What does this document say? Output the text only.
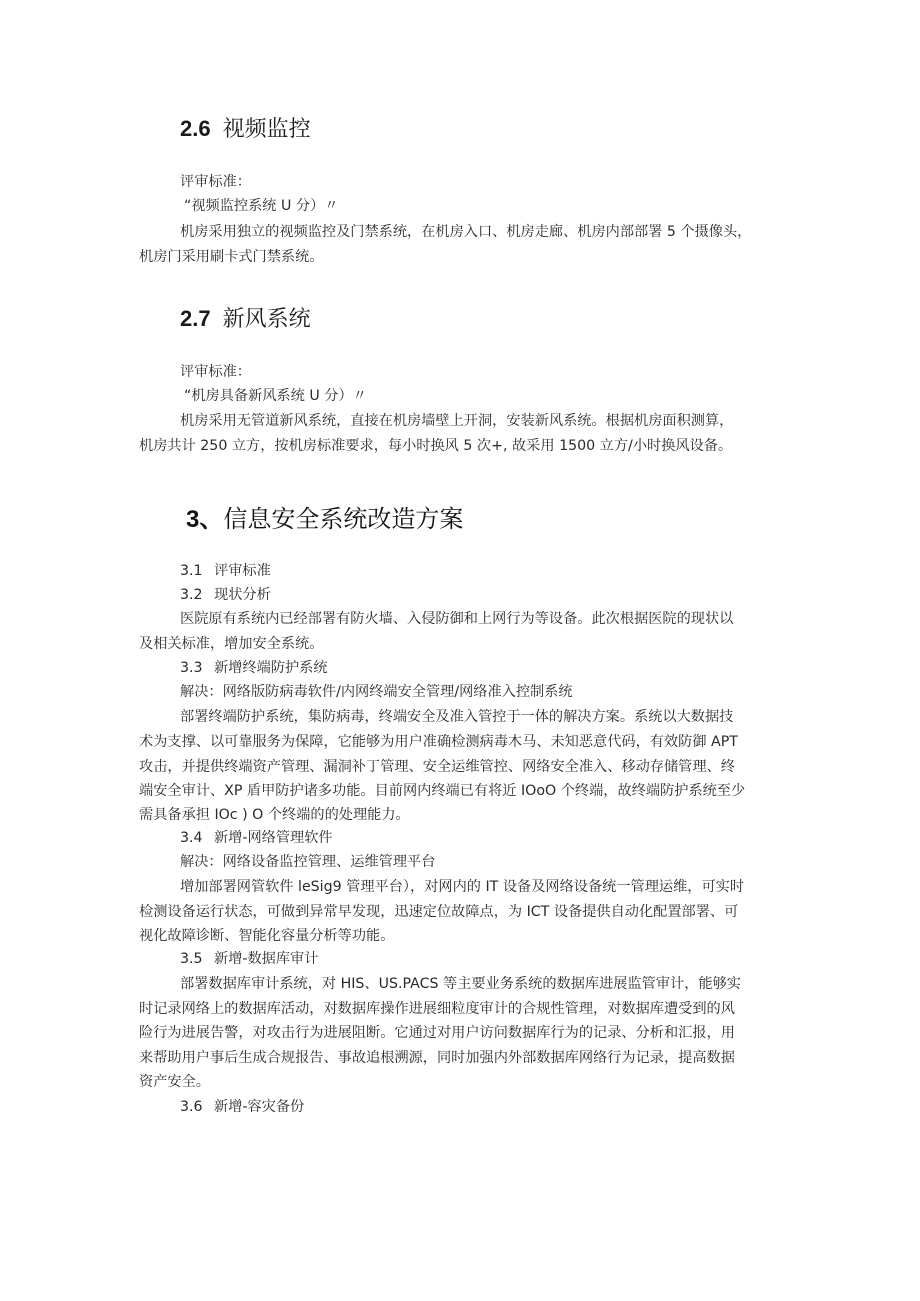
2.6 视频监控
评审标准：
“视频监控系统 U 分）〃
机房采用独立的视频监控及门禁系统，在机房入口、机房走廊、机房内部部署 5 个摄像头，
机房门采用刷卡式门禁系统。
2.7 新风系统
评审标准：
“机房具备新风系统 U 分）〃
机房采用无管道新风系统，直接在机房墙壁上开洞，安装新风系统。根据机房面积测算，
机房共计 250 立方，按机房标准要求，每小时换风 5 次+, 故采用 1500 立方/小时换风设备。
3、信息安全系统改造方案
3.1 评审标准
3.2 现状分析
医院原有系统内已经部署有防火墙、入侵防御和上网行为等设备。此次根据医院的现状以
及相关标准，增加安全系统。
3.3 新增终端防护系统
解决：网络版防病毒软件/内网终端安全管理/网络准入控制系统
部署终端防护系统，集防病毒，终端安全及准入管控于一体的解决方案。系统以大数据技
术为支撑、以可靠服务为保障，它能够为用户准确检测病毒木马、未知恶意代码，有效防御 APT
攻击，并提供终端资产管理、漏洞补丁管理、安全运维管控、网络安全准入、移动存储管理、终
端安全审计、XP 盾甲防护诸多功能。目前网内终端已有将近 IOoO 个终端，故终端防护系统至少
需具备承担 IOc ) O 个终端的的处理能力。
3.4 新增-网络管理软件
解决：网络设备监控管理、运维管理平台
增加部署网管软件 leSig9 管理平台），对网内的 IT 设备及网络设备统一管理运维，可实时
检测设备运行状态，可做到异常早发现，迅速定位故障点，为 ICT 设备提供自动化配置部署、可
视化故障诊断、智能化容量分析等功能。
3.5 新增-数据库审计
部署数据库审计系统，对 HIS、US.PACS 等主要业务系统的数据库进展监管审计，能够实
时记录网络上的数据库活动，对数据库操作进展细粒度审计的合规性管理，对数据库遭受到的风
险行为进展告警，对攻击行为进展阻断。它通过对用户访问数据库行为的记录、分析和汇报，用
来帮助用户事后生成合规报告、事故追根溯源，同时加强内外部数据库网络行为记录，提高数据
资产安全。
3.6 新增-容灾备份
